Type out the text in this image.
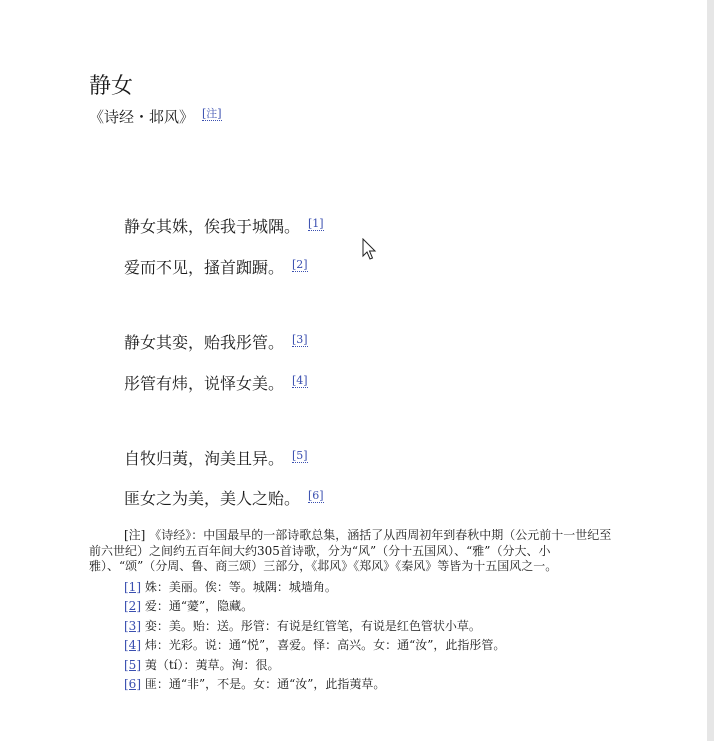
静女
《诗经・邶风》 [注]
静女其姝，俟我于城隅。 [1]
爱而不见，搔首踟蹰。 [2]
静女其娈，贻我彤管。 [3]
彤管有炜，说怿女美。 [4]
自牧归荑，洵美且异。 [5]
匪女之为美，美人之贻。 [6]

[注] 《诗经》：中国最早的一部诗歌总集，涵括了从西周初年到春秋中期（公元前十一世纪至前六世纪）之间约五百年间大约305首诗歌，分为“风”（分十五国风）、“雅”（分大、小雅）、“颂”（分周、鲁、商三颂）三部分，《邶风》《郑风》《秦风》等皆为十五国风之一。

[1] 姝：美丽。俟：等。城隅：城墙角。

[2] 爱：通“薆”，隐藏。

[3] 娈：美。贻：送。彤管：有说是红管笔，有说是红色管状小草。

[4] 炜：光彩。说：通“悦”，喜爱。怿：高兴。女：通“汝”，此指彤管。

[5] 荑（tí）：荑草。洵：很。

[6] 匪：通“非”，不是。女：通“汝”，此指荑草。
